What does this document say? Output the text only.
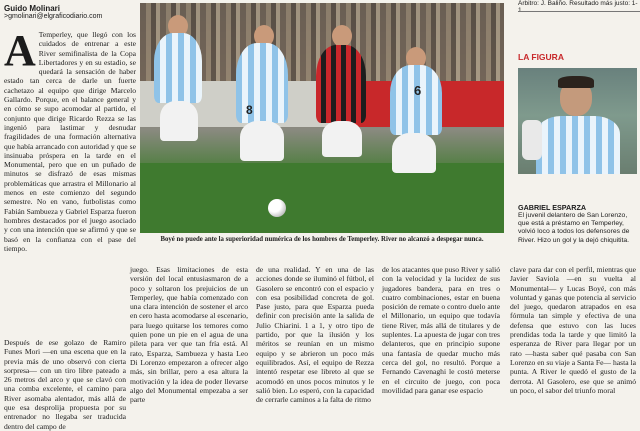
Guido Molinari
>gmolinari@elgraficodiario.com
A Temperley, que llegó con los cuidados de entrenar a este River semifinalista de la Copa Libertadores y en su estadio, se quedará la sensación de haber estado tan cerca de darle un fuerte cachetazo al equipo que dirige Marcelo Gallardo. Porque, en el balance general y en cómo se supo acomodar al partido, el conjunto que dirige Ricardo Rezza se las ingenió para lastimar y desnudar fragilidades de una formación alternativa que había arrancado con autoridad y que se insinuaba próspera en la tarde en el Monumental, pero que en un puñado de minutos se disfrazó de esas mismas problemáticas que arrastra el Millonario al menos en este comienzo del segundo semestre. No en vano, futbolistas como Fabián Sambueza y Gabriel Esparza fueron hombres destacados por el juego asociado y con una intención que se afirmó y que se basó en la confianza con el pase del tiempo.
Después de ese golazo de Ramiro Funes Mori —en una escena que en la previa más de uno observó con cierta sorpresa— con un tiro libre pateado a 26 metros del arco y que se clavó con una comba excelente, el camino para River asomaba alentador, más allá de que esa desprolija propuesta por su entrenador no llegaba ser traducida dentro del campo de
8
6
Boyé no puede ante la superioridad numérica de los hombres de Temperley. River no alcanzó a despegar nunca.
juego. Esas limitaciones de esta versión del local entusiasmaron de a poco y soltaron los prejuicios de un Temperley, que había comenzado con una clara intención de sostener el arco en cero hasta acomodarse al escenario, para luego quitarse los temores como quien pone un pie en el agua de una pileta para ver que tan fría está. Al rato, Esparza, Sambueza y hasta Leo Di Lorenzo empezaron a ofrecer algo más, sin brillar, pero a esa altura la motivación y la idea de poder llevarse algo del Monumental empezaba a ser parte
de una realidad. Y en una de las acciones donde se iluminó el fútbol, el Gasolero se encontró con el espacio y con esa posibilidad concreta de gol. Pase justo, para que Esparza pueda definir con precisión ante la salida de Julio Chiarini. 1 a 1, y otro tipo de partido, por que la ilusión y los méritos se reunían en un mismo equipo y se abrieron un poco más equilibrados. Así, el equipo de Rezza intentó respetar ese libreto al que se acomodó en unos pocos minutos y le salió bien. Lo esperó, con la capacidad de cerrarle caminos a la falta de ritmo
de los atacantes que puso River y salió con la velocidad y la lucidez de sus jugadores bandera, para en tres o cuatro combinaciones, estar en buena posición de remate o contro duelo ante el Millonario, un equipo que todavía tiene River, más allá de titulares y de suplentes. La apuesta de jugar con tres delanteros, que en principio supone una fantasía de quedar mucho más cerca del gol, no resultó. Porque a Fernando Cavenaghi le costó meterse en el circuito de juego, con poca movilidad para ganar ese espacio
clave para dar con el perfil, mientras que Javier Saviola —en su vuelta al Monumental— y Lucas Boyé, con más voluntad y ganas que potencia al servicio del juego, quedaron atrapados en esa fórmula tan simple y efectiva de una defensa que estuvo con las luces prendidas toda la tarde y que limitó la esperanza de River para llegar por un rato —hasta saber qué pasaba con San Lorenzo en su viaje a Santa Fe— hasta la punta. A River le quedó el gusto de la derrota. Al Gasolero, ese que se animó un poco, el sabor del triunfo moral
Árbitro: J. Baliño. Resultado más justo: 1-1
LA FIGURA
GABRIEL ESPARZA
El juvenil delantero de San Lorenzo, que está a préstamo en Temperley, volvió loco a todos los defensores de River. Hizo un gol y la dejó chiquitita.
